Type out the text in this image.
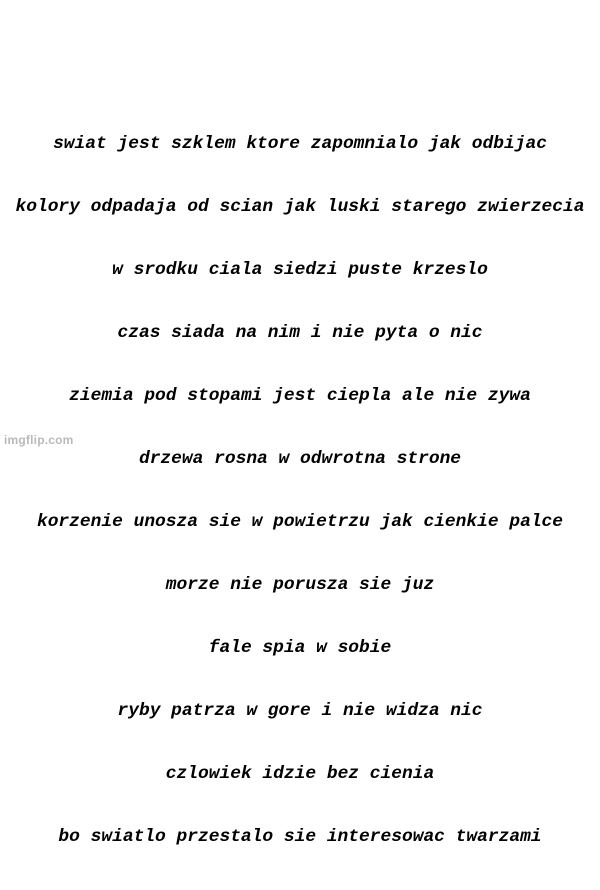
swiat jest szklem ktore zapomnialo jak odbijac

kolory odpadaja od scian jak luski starego zwierzecia

w srodku ciala siedzi puste krzeslo

czas siada na nim i nie pyta o nic

ziemia pod stopami jest ciepla ale nie zywa

drzewa rosna w odwrotna strone

korzenie unosza sie w powietrzu jak cienkie palce

morze nie porusza sie juz

fale spia w sobie

ryby patrza w gore i nie widza nic

czlowiek idzie bez cienia

bo swiatlo przestalo sie interesowac twarzami

imgflip.com
